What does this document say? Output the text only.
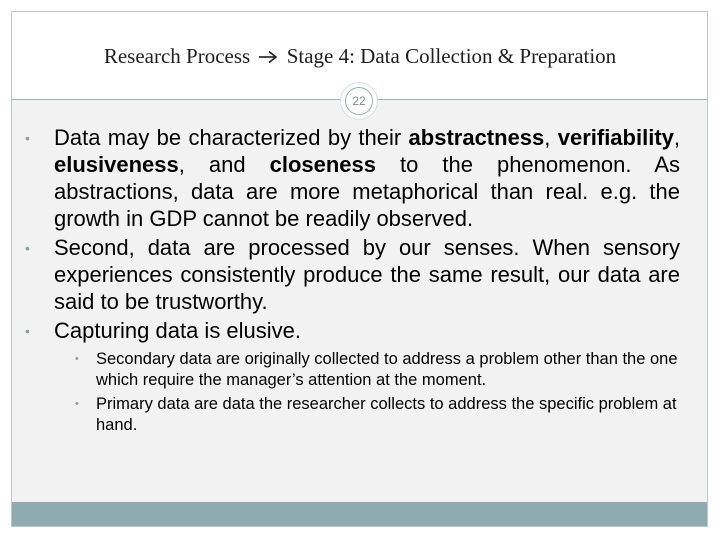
Research Process Stage 4: Data Collection & Preparation
22
• Data may be characterized by their abstractness, verifiability, elusiveness, and closeness to the phenomenon. As abstractions, data are more metaphorical than real. e.g. the growth in GDP cannot be readily observed.
• Second, data are processed by our senses. When sensory experiences consistently produce the same result, our data are said to be trustworthy.
• Capturing data is elusive.
• Secondary data are originally collected to address a problem other than the one which require the manager’s attention at the moment.
• Primary data are data the researcher collects to address the specific problem at hand.
